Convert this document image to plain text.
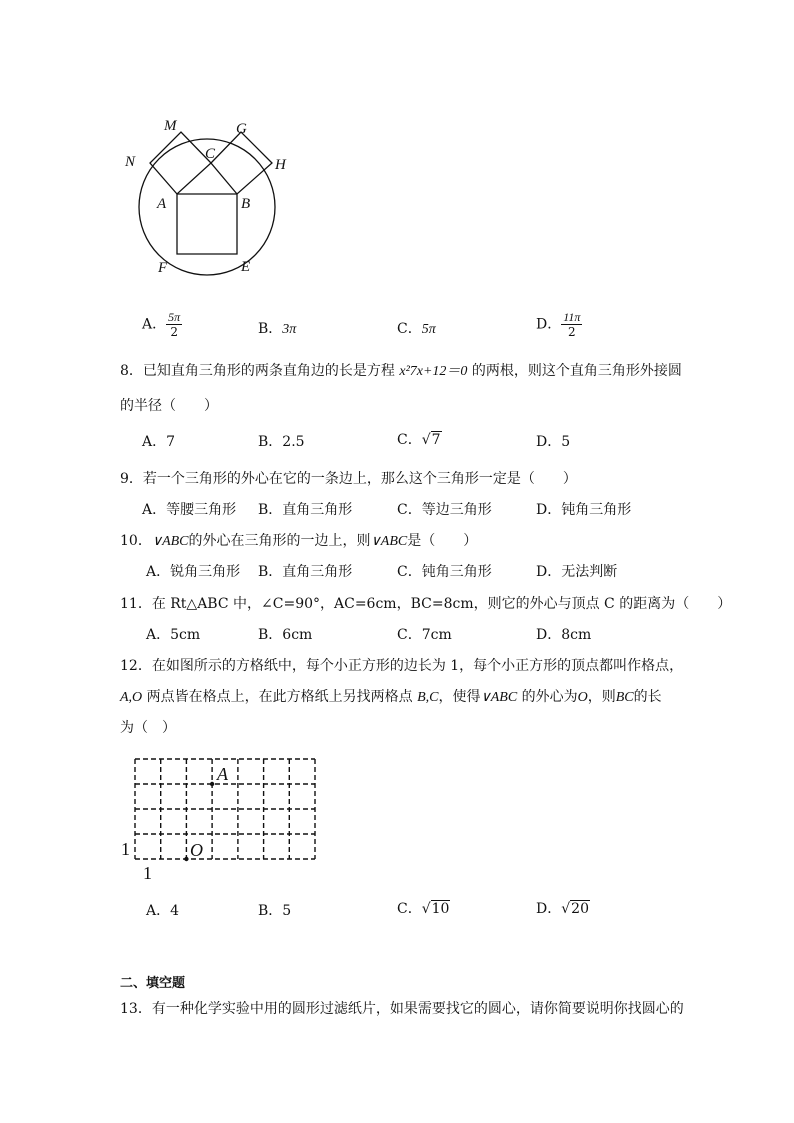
M	G
C
N	H
A	B
F	E
A． $\frac{5\pi}{2}$	B．3π	C．5π	D． $\frac{11\pi}{2}$
8．已知直角三角形的两条直角边的长是方程 x²7x+12＝0 的两根，则这个直角三角形外接圆
的半径（　　）
A．7	B．2.5	C．√7	D．5
9．若一个三角形的外心在它的一条边上，那么这个三角形一定是（　　）
A．等腰三角形 B．直角三角形	C．等边三角形	D．钝角三角形
10．∨ABC的外心在三角形的一边上，则∨ABC是（　　）
A．锐角三角形 B．直角三角形	C．钝角三角形	D．无法判断
11．在 Rt△ABC 中，∠C=90°，AC=6cm，BC=8cm，则它的外心与顶点 C 的距离为（　　）
A．5cm	B．6cm	C．7cm	D．8cm
12．在如图所示的方格纸中，每个小正方形的边长为 1，每个小正方形的顶点都叫作格点，
A,O 两点皆在格点上，在此方格纸上另找两格点 B,C，使得∨ABC 的外心为O，则BC的长
为（　）
A
O
1
1
A．4	B．5	C．√10	D．√20
二、填空题
13．有一种化学实验中用的圆形过滤纸片，如果需要找它的圆心，请你简要说明你找圆心的
